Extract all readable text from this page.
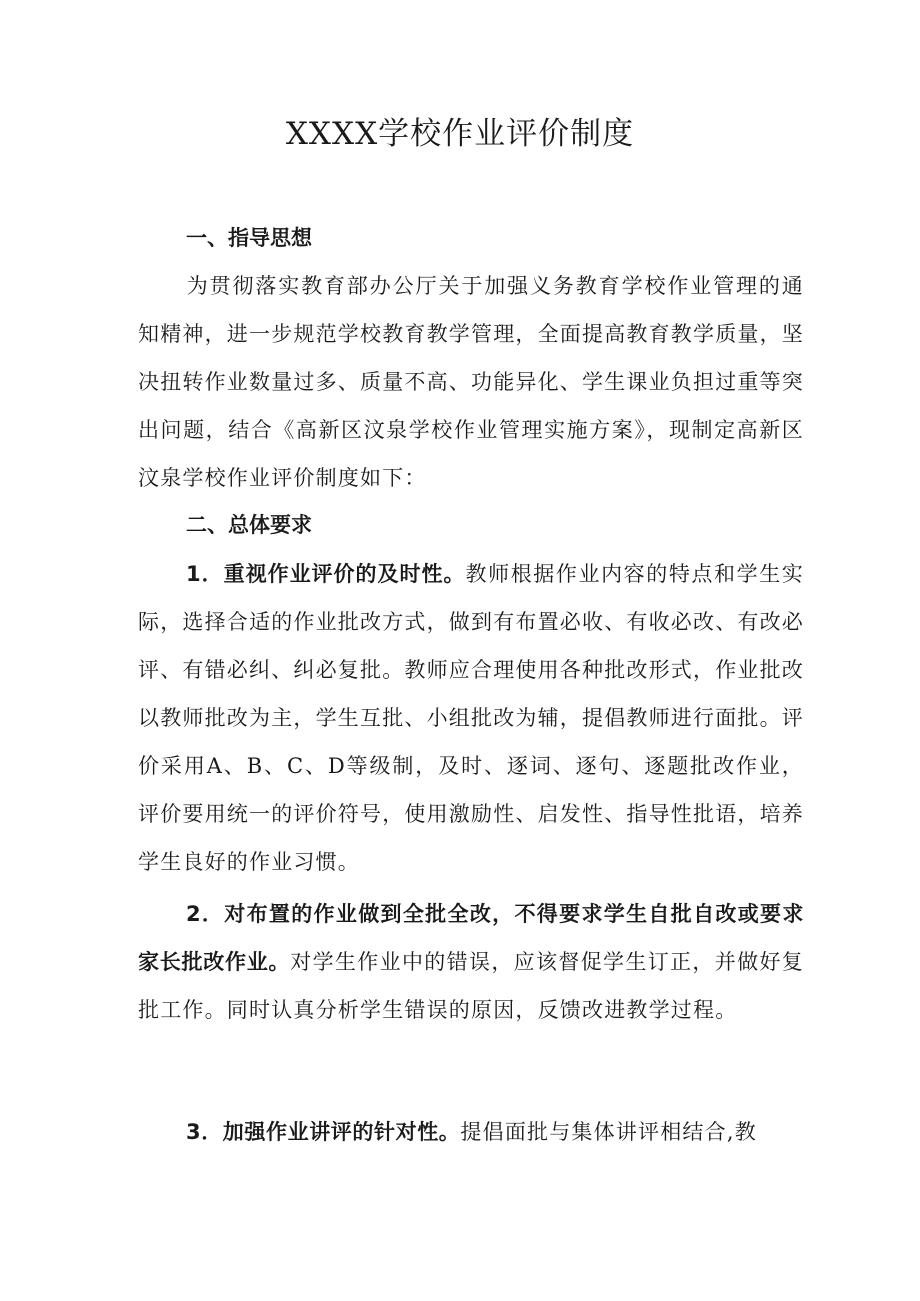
XXXX学校作业评价制度
一、指导思想

为贯彻落实教育部办公厅关于加强义务教育学校作业管理的通知精神，进一步规范学校教育教学管理，全面提高教育教学质量，坚决扭转作业数量过多、质量不高、功能异化、学生课业负担过重等突出问题，结合《高新区汶泉学校作业管理实施方案》，现制定高新区汶泉学校作业评价制度如下：

二、总体要求

1．重视作业评价的及时性。教师根据作业内容的特点和学生实际，选择合适的作业批改方式，做到有布置必收、有收必改、有改必评、有错必纠、纠必复批。教师应合理使用各种批改形式，作业批改以教师批改为主，学生互批、小组批改为辅，提倡教师进行面批。评价采用A、B、C、D等级制，及时、逐词、逐句、逐题批改作业，评价要用统一的评价符号，使用激励性、启发性、指导性批语，培养学生良好的作业习惯。

2．对布置的作业做到全批全改，不得要求学生自批自改或要求家长批改作业。对学生作业中的错误，应该督促学生订正，并做好复批工作。同时认真分析学生错误的原因，反馈改进教学过程。

3．加强作业讲评的针对性。提倡面批与集体讲评相结合,教
